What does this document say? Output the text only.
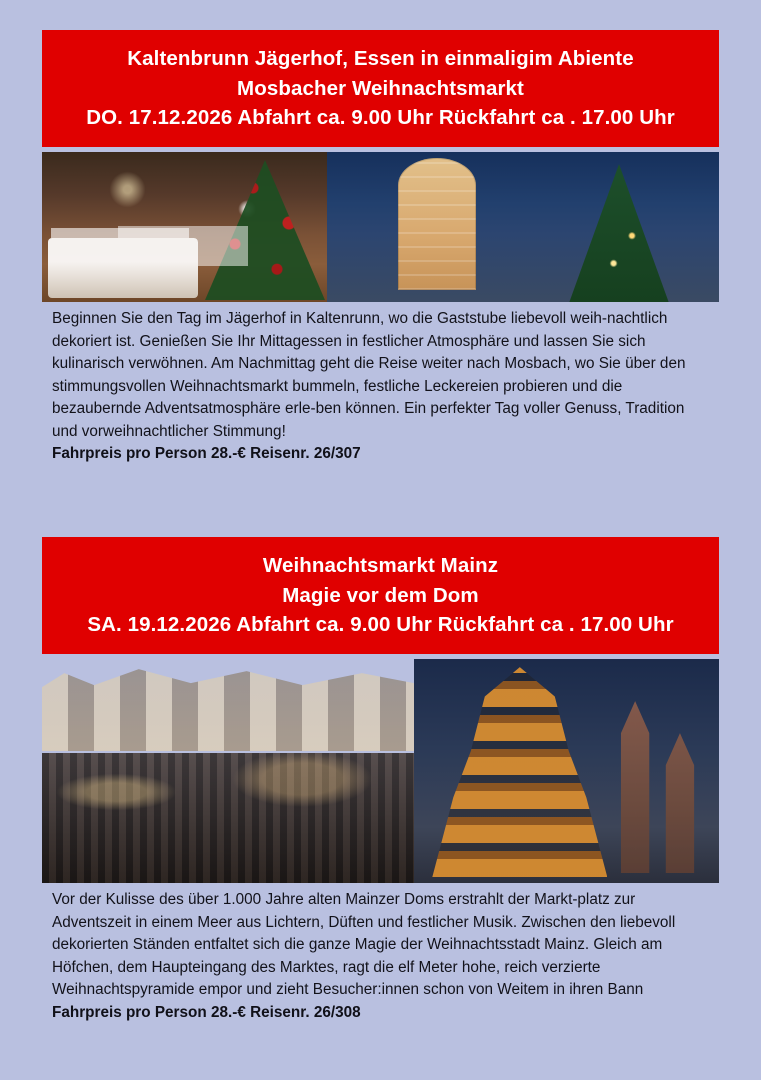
Kaltenbrunn Jägerhof, Essen in einmaligim Abiente
Mosbacher Weihnachtsmarkt
DO. 17.12.2026 Abfahrt ca. 9.00 Uhr Rückfahrt ca . 17.00 Uhr

Beginnen Sie den Tag im Jägerhof in Kaltenrunn, wo die Gaststube liebevoll weih-nachtlich dekoriert ist. Genießen Sie Ihr Mittagessen in festlicher Atmosphäre und lassen Sie sich kulinarisch verwöhnen. Am Nachmittag geht die Reise weiter nach Mosbach, wo Sie über den stimmungsvollen Weihnachtsmarkt bummeln, festliche Leckereien probieren und die bezaubernde Adventsatmosphäre erle-ben können. Ein perfekter Tag voller Genuss, Tradition und vorweihnachtlicher Stimmung!

Fahrpreis pro Person 28.-€ Reisenr. 26/307

Weihnachtsmarkt Mainz
Magie vor dem Dom
SA. 19.12.2026 Abfahrt ca. 9.00 Uhr Rückfahrt ca . 17.00 Uhr

Vor der Kulisse des über 1.000 Jahre alten Mainzer Doms erstrahlt der Markt-platz zur Adventszeit in einem Meer aus Lichtern, Düften und festlicher Musik. Zwischen den liebevoll dekorierten Ständen entfaltet sich die ganze Magie der Weihnachtsstadt Mainz. Gleich am Höfchen, dem Haupteingang des Marktes, ragt die elf Meter hohe, reich verzierte Weihnachtspyramide empor und zieht Besucher:innen schon von Weitem in ihren Bann

Fahrpreis pro Person 28.-€ Reisenr. 26/308
